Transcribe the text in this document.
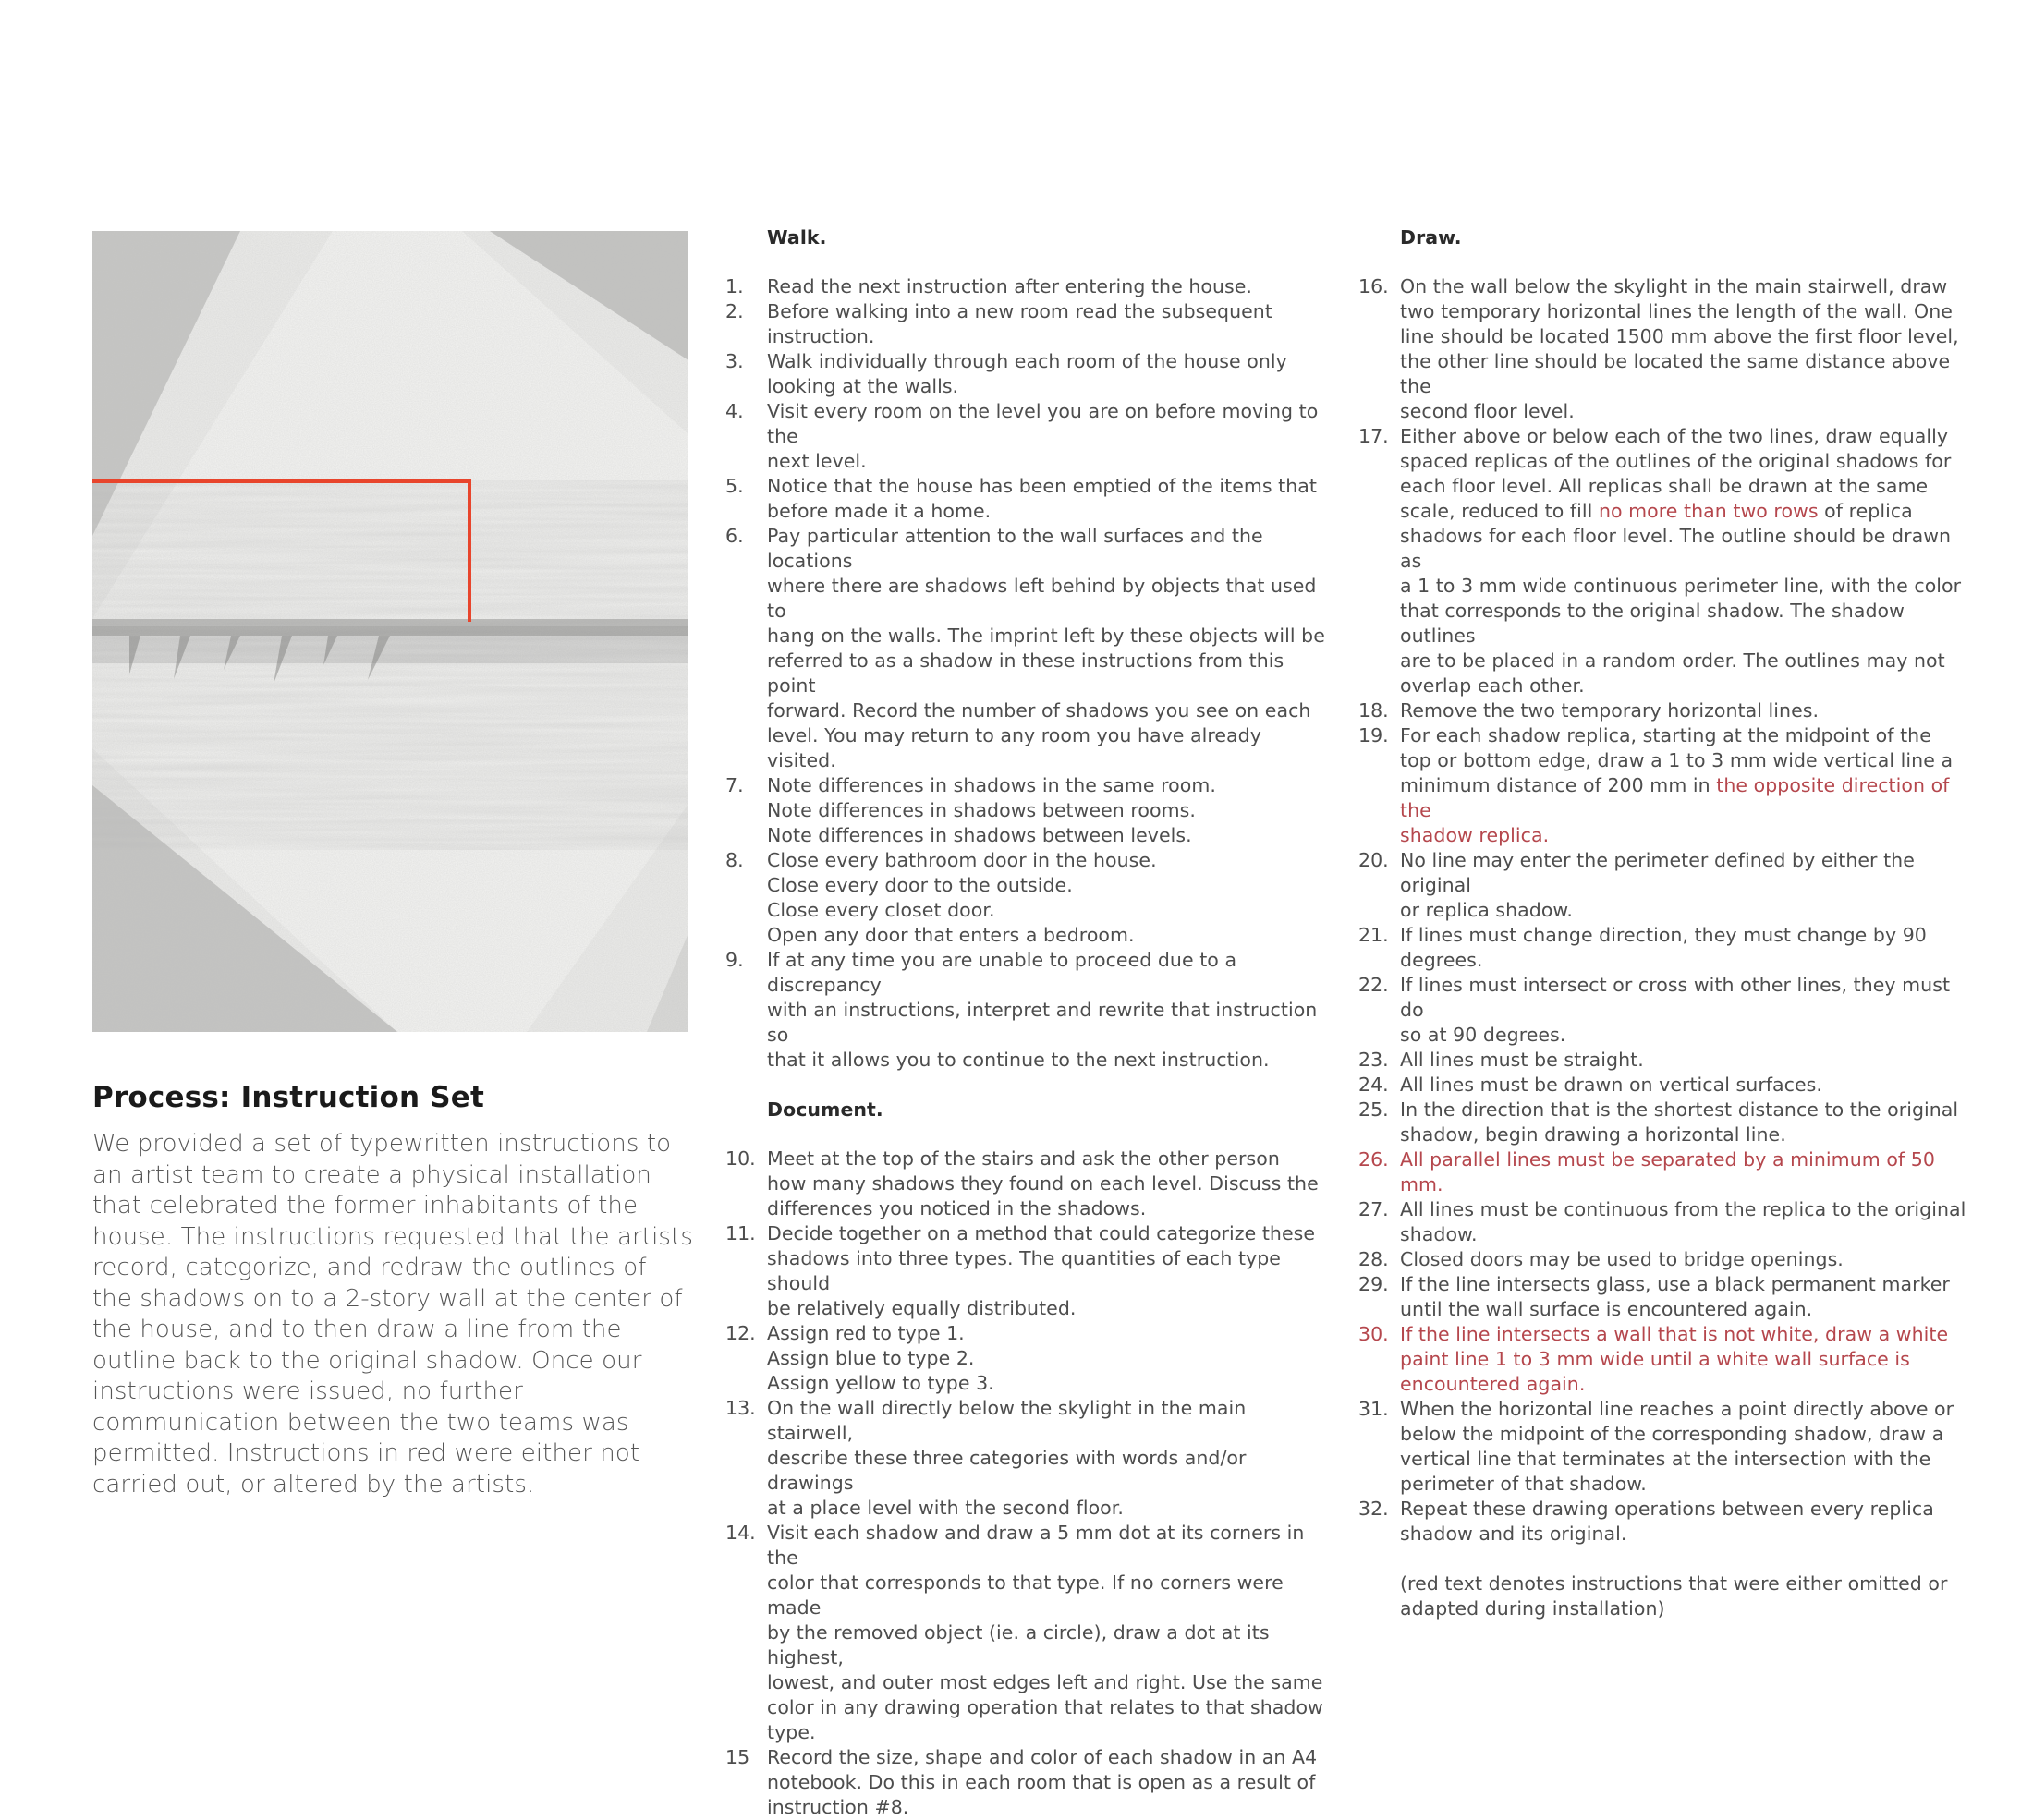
Process: Instruction Set

We provided a set of typewritten instructions to an artist team to create a physical installation that celebrated the former inhabitants of the house. The instructions requested that the artists record, categorize, and redraw the outlines of the shadows on to a 2-story wall at the center of the house, and to then draw a line from the outline back to the original shadow. Once our instructions were issued, no further communication between the two teams was permitted. Instructions in red were either not carried out, or altered by the artists.

Walk.

1.	Read the next instruction after entering the house.
2.	Before walking into a new room read the subsequent
instruction.
3.	Walk individually through each room of the house only
looking at the walls.
4.	Visit every room on the level you are on before moving to the
next level.
5.	Notice that the house has been emptied of the items that
before made it a home.
6.	Pay particular attention to the wall surfaces and the locations
where there are shadows left behind by objects that used to
hang on the walls. The imprint left by these objects will be
referred to as a shadow in these instructions from this point
forward. Record the number of shadows you see on each
level. You may return to any room you have already visited.
7.	Note differences in shadows in the same room.
Note differences in shadows between rooms.
Note differences in shadows between levels.
8.	Close every bathroom door in the house.
Close every door to the outside.
Close every closet door.
Open any door that enters a bedroom.
9.	If at any time you are unable to proceed due to a discrepancy
with an instructions, interpret and rewrite that instruction so
that it allows you to continue to the next instruction.

Document.

10. Meet at the top of the stairs and ask the other person
how many shadows they found on each level. Discuss the
differences you noticed in the shadows.
11. Decide together on a method that could categorize these
shadows into three types. The quantities of each type should
be relatively equally distributed.
12. Assign red to type 1.
Assign blue to type 2.
Assign yellow to type 3.
13. On the wall directly below the skylight in the main stairwell,
describe these three categories with words and/or drawings
at a place level with the second floor.
14. Visit each shadow and draw a 5 mm dot at its corners in the
color that corresponds to that type. If no corners were made
by the removed object (ie. a circle), draw a dot at its highest,
lowest, and outer most edges left and right. Use the same
color in any drawing operation that relates to that shadow
type.
15 Record the size, shape and color of each shadow in an A4
notebook. Do this in each room that is open as a result of
instruction #8.

Draw.

16. On the wall below the skylight in the main stairwell, draw
two temporary horizontal lines the length of the wall. One
line should be located 1500 mm above the first floor level,
the other line should be located the same distance above the
second floor level.
17. Either above or below each of the two lines, draw equally
spaced replicas of the outlines of the original shadows for
each floor level. All replicas shall be drawn at the same
scale, reduced to fill no more than two rows of replica
shadows for each floor level. The outline should be drawn as
a 1 to 3 mm wide continuous perimeter line, with the color
that corresponds to the original shadow. The shadow outlines
are to be placed in a random order. The outlines may not
overlap each other.
18. Remove the two temporary horizontal lines.
19. For each shadow replica, starting at the midpoint of the
top or bottom edge, draw a 1 to 3 mm wide vertical line a
minimum distance of 200 mm in the opposite direction of the
shadow replica.
20. No line may enter the perimeter defined by either the original
or replica shadow.
21. If lines must change direction, they must change by 90
degrees.
22. If lines must intersect or cross with other lines, they must do
so at 90 degrees.
23. All lines must be straight.
24. All lines must be drawn on vertical surfaces.
25. In the direction that is the shortest distance to the original
shadow, begin drawing a horizontal line.
26. All parallel lines must be separated by a minimum of 50 mm.
27. All lines must be continuous from the replica to the original
shadow.
28. Closed doors may be used to bridge openings.
29. If the line intersects glass, use a black permanent marker
until the wall surface is encountered again.
30. If the line intersects a wall that is not white, draw a white
paint line 1 to 3 mm wide until a white wall surface is
encountered again.
31. When the horizontal line reaches a point directly above or
below the midpoint of the corresponding shadow, draw a
vertical line that terminates at the intersection with the
perimeter of that shadow.
32. Repeat these drawing operations between every replica
shadow and its original.

(red text denotes instructions that were either omitted or
adapted during installation)
